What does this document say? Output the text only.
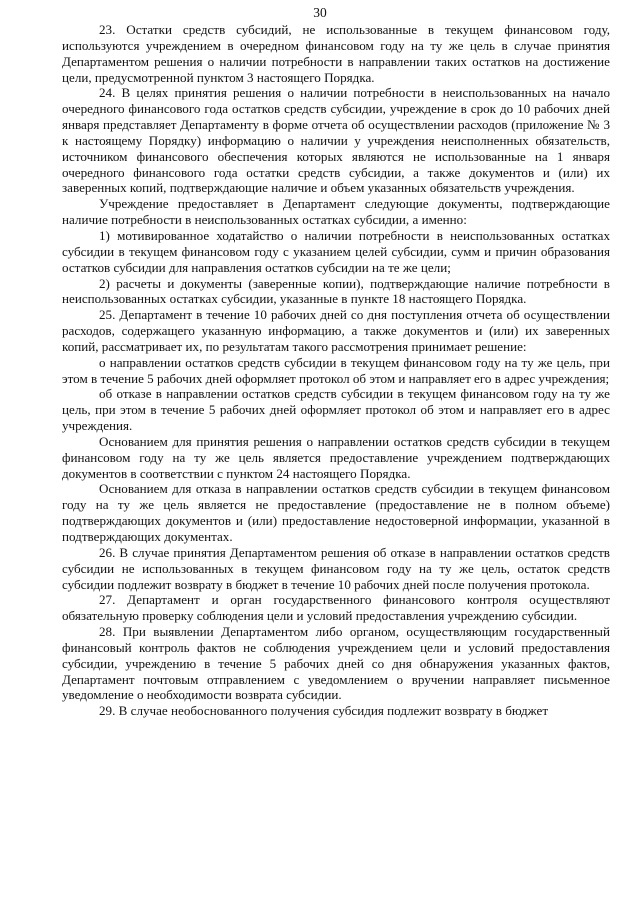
30

23. Остатки средств субсидий, не использованные в текущем финансовом году, используются учреждением в очередном финансовом году на ту же цель в случае принятия Департаментом решения о наличии потребности в направлении таких остатков на достижение цели, предусмотренной пунктом 3 настоящего Порядка.

24. В целях принятия решения о наличии потребности в неиспользованных на начало очередного финансового года остатков средств субсидии, учреждение в срок до 10 рабочих дней января представляет Департаменту в форме отчета об осуществлении расходов (приложение № 3 к настоящему Порядку) информацию о наличии у учреждения неисполненных обязательств, источником финансового обеспечения которых являются не использованные на 1 января очередного финансового года остатки средств субсидии, а также документов и (или) их заверенных копий, подтверждающие наличие и объем указанных обязательств учреждения.

Учреждение предоставляет в Департамент следующие документы, подтверждающие наличие потребности в неиспользованных остатках субсидии, а именно:

1) мотивированное ходатайство о наличии потребности в неиспользованных остатках субсидии в текущем финансовом году с указанием целей субсидии, сумм и причин образования остатков субсидии для направления остатков субсидии на те же цели;

2) расчеты и документы (заверенные копии), подтверждающие наличие потребности в неиспользованных остатках субсидии, указанные в пункте 18 настоящего Порядка.

25. Департамент в течение 10 рабочих дней со дня поступления отчета об осуществлении расходов, содержащего указанную информацию, а также документов и (или) их заверенных копий, рассматривает их, по результатам такого рассмотрения принимает решение:

о направлении остатков средств субсидии в текущем финансовом году на ту же цель, при этом в течение 5 рабочих дней оформляет протокол об этом и направляет его в адрес учреждения;

об отказе в направлении остатков средств субсидии в текущем финансовом году на ту же цель, при этом в течение 5 рабочих дней оформляет протокол об этом и направляет его в адрес учреждения.

Основанием для принятия решения о направлении остатков средств субсидии в текущем финансовом году на ту же цель является предоставление учреждением подтверждающих документов в соответствии с пунктом 24 настоящего Порядка.

Основанием для отказа в направлении остатков средств субсидии в текущем финансовом году на ту же цель является не предоставление (предоставление не в полном объеме) подтверждающих документов и (или) предоставление недостоверной информации, указанной в подтверждающих документах.

26. В случае принятия Департаментом решения об отказе в направлении остатков средств субсидии не использованных в текущем финансовом году на ту же цель, остаток средств субсидии подлежит возврату в бюджет в течение 10 рабочих дней после получения протокола.

27. Департамент и орган государственного финансового контроля осуществляют обязательную проверку соблюдения цели и условий предоставления учреждению субсидии.

28. При выявлении Департаментом либо органом, осуществляющим государственный финансовый контроль фактов не соблюдения учреждением цели и условий предоставления субсидии, учреждению в течение 5 рабочих дней со дня обнаружения указанных фактов, Департамент почтовым отправлением с уведомлением о вручении направляет письменное уведомление о необходимости возврата субсидии.

29. В случае необоснованного получения субсидия подлежит возврату в бюджет
